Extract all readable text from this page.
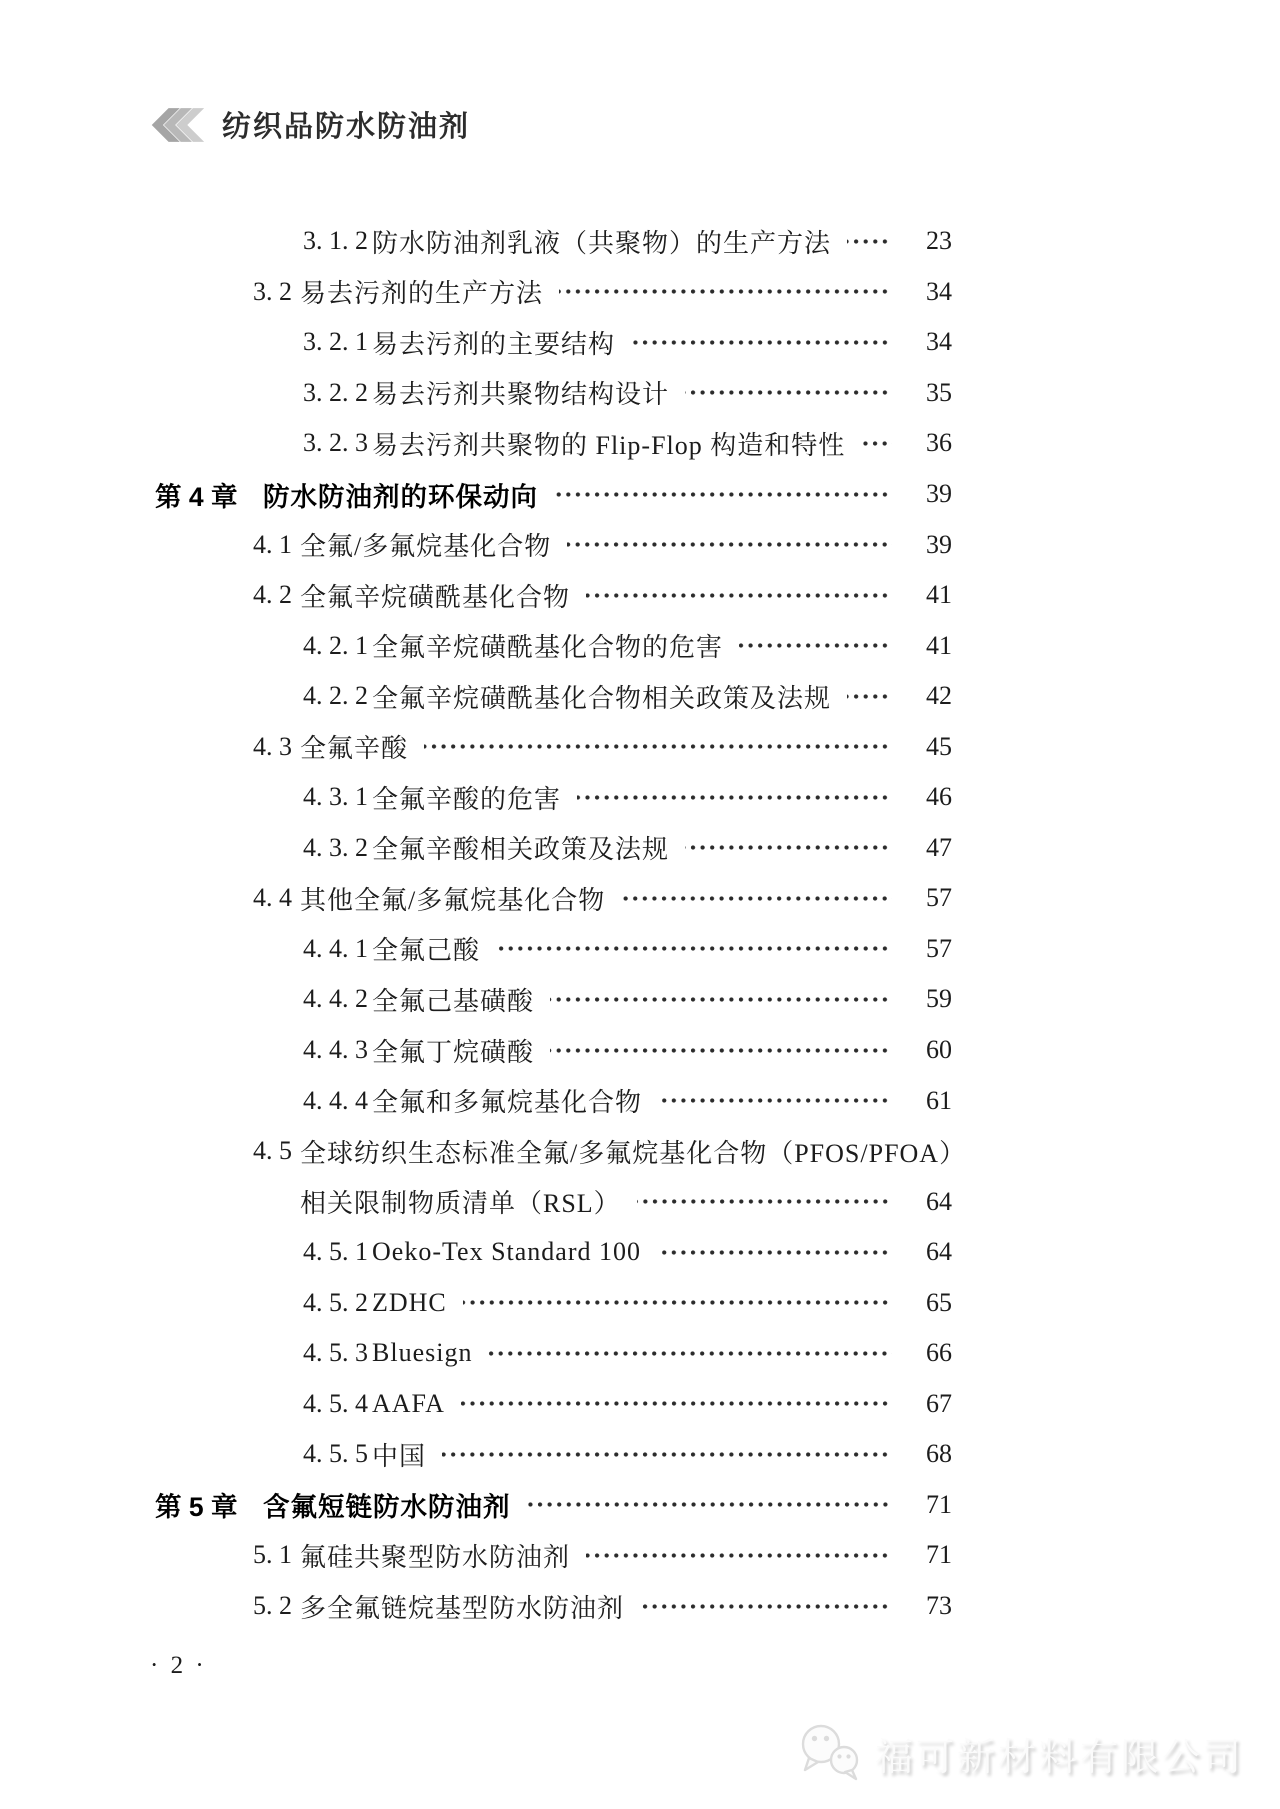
纺织品防水防油剂
3. 1. 2 防水防油剂乳液（共聚物）的生产方法	23
3. 2 易去污剂的生产方法	34
3. 2. 1 易去污剂的主要结构	34
3. 2. 2 易去污剂共聚物结构设计	35
3. 2. 3 易去污剂共聚物的 Flip-Flop 构造和特性	36
第 4 章 防水防油剂的环保动向	39
4. 1 全氟/多氟烷基化合物	39
4. 2 全氟辛烷磺酰基化合物	41
4. 2. 1 全氟辛烷磺酰基化合物的危害	41
4. 2. 2 全氟辛烷磺酰基化合物相关政策及法规	42
4. 3 全氟辛酸	45
4. 3. 1 全氟辛酸的危害	46
4. 3. 2 全氟辛酸相关政策及法规	47
4. 4 其他全氟/多氟烷基化合物	57
4. 4. 1 全氟己酸	57
4. 4. 2 全氟己基磺酸	59
4. 4. 3 全氟丁烷磺酸	60
4. 4. 4 全氟和多氟烷基化合物	61
4. 5 全球纺织生态标准全氟/多氟烷基化合物（PFOS/PFOA）
相关限制物质清单（RSL）	64
4. 5. 1 Oeko-Tex Standard 100	64
4. 5. 2 ZDHC	65
4. 5. 3 Bluesign	66
4. 5. 4 AAFA	67
4. 5. 5 中国	68
第 5 章 含氟短链防水防油剂	71
5. 1 氟硅共聚型防水防油剂	71
5. 2 多全氟链烷基型防水防油剂	73
· 2 ·
福可新材料有限公司
